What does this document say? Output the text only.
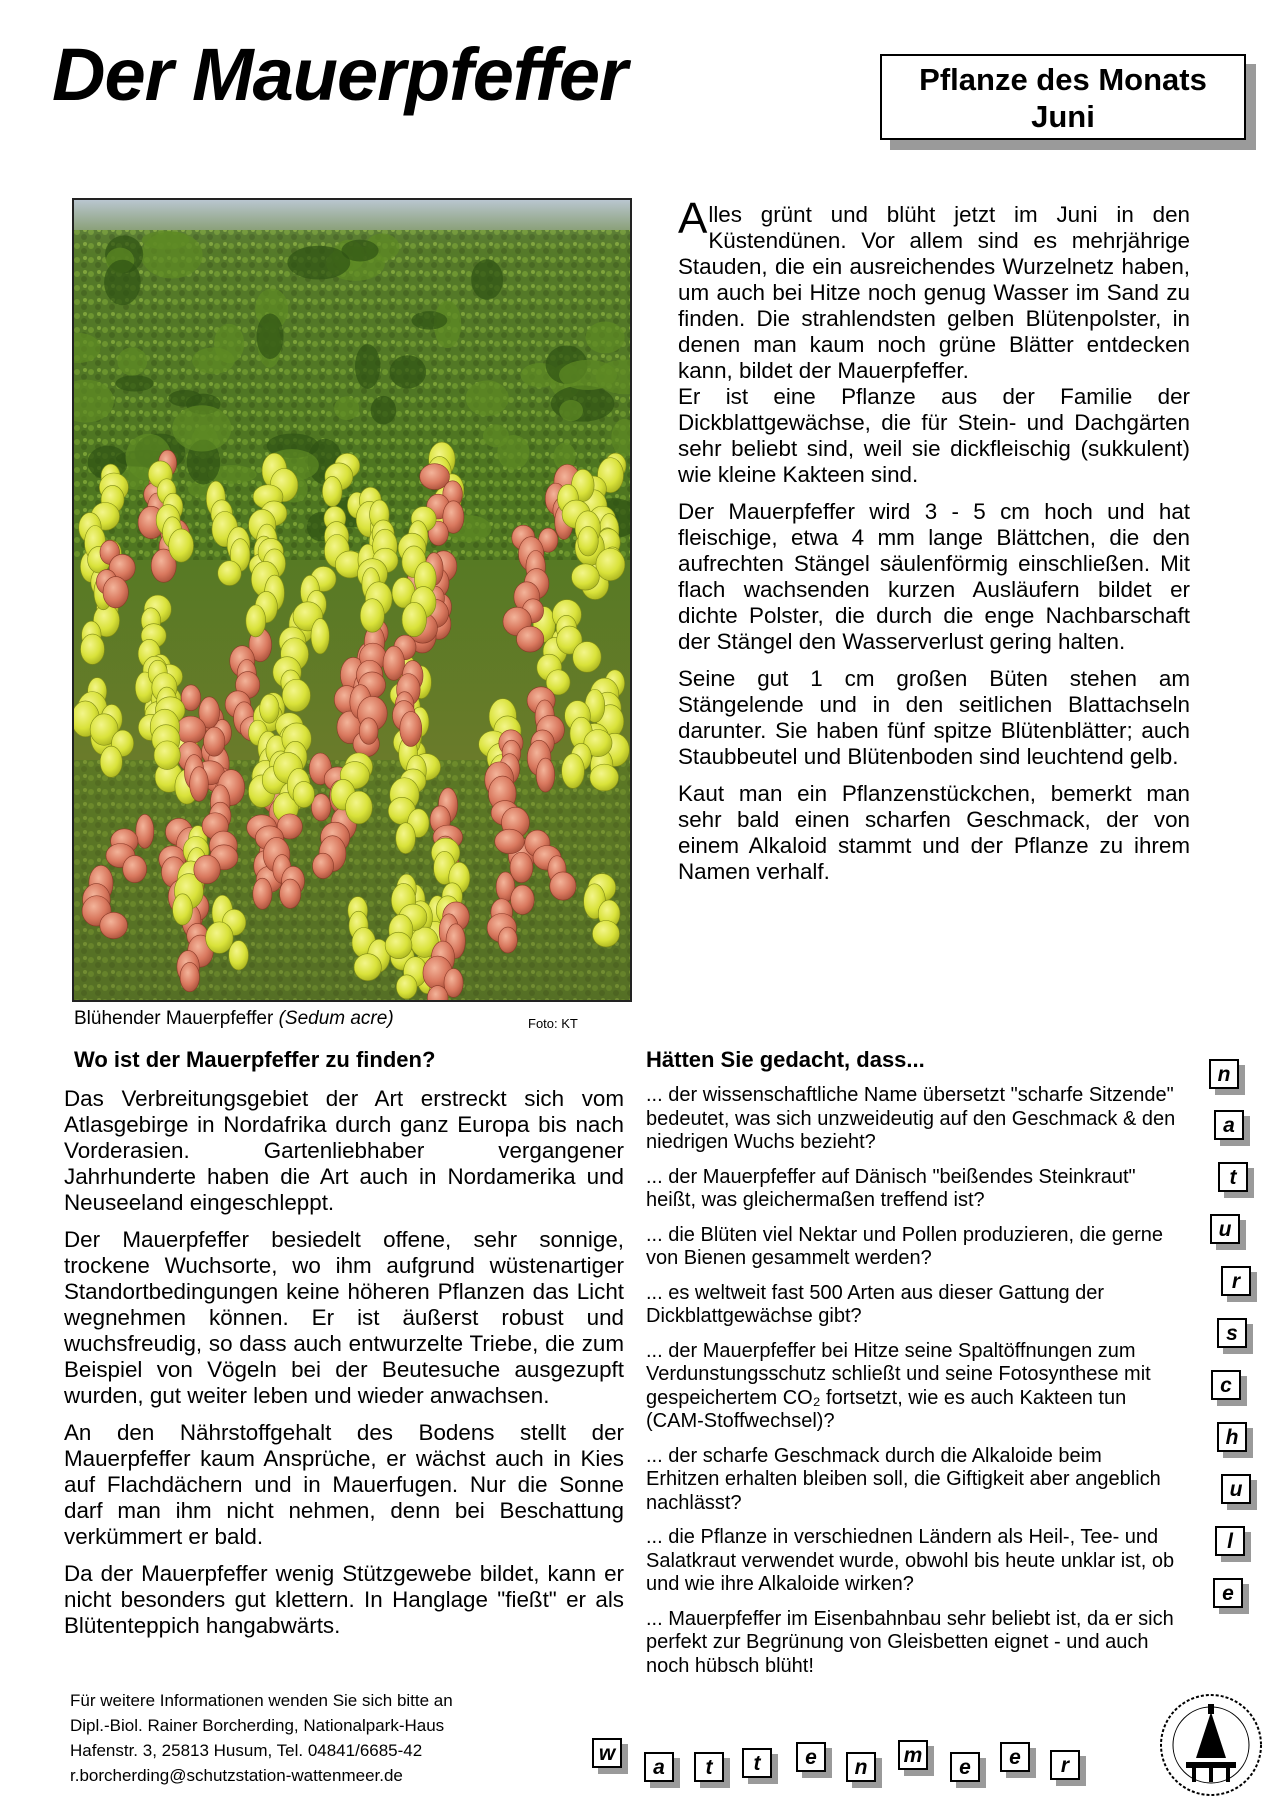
Der Mauerpfeffer	Pflanze des Monats
Juni
Blühender Mauerpfeffer (Sedum acre)	Foto: KT

Alles grünt und blüht jetzt im Juni in den Küstendünen. Vor allem sind es mehrjährige Stauden, die ein ausreichendes Wurzelnetz haben, um auch bei Hitze noch genug Wasser im Sand zu finden. Die strahlendsten gelben Blütenpolster, in denen man kaum noch grüne Blätter entdecken kann, bildet der Mauerpfeffer.

Er ist eine Pflanze aus der Familie der Dickblattgewächse, die für Stein- und Dachgärten sehr beliebt sind, weil sie dickfleischig (sukkulent) wie kleine Kakteen sind.

Der Mauerpfeffer wird 3 - 5 cm hoch und hat fleischige, etwa 4 mm lange Blättchen, die den aufrechten Stängel säulenförmig einschließen. Mit flach wachsenden kurzen Ausläufern bildet er dichte Polster, die durch die enge Nachbarschaft der Stängel den Wasserverlust gering halten.

Seine gut 1 cm großen Büten stehen am Stängelende und in den seitlichen Blattachseln darunter. Sie haben fünf spitze Blütenblätter; auch Staubbeutel und Blütenboden sind leuchtend gelb.

Kaut man ein Pflanzenstückchen, bemerkt man sehr bald einen scharfen Geschmack, der von einem Alkaloid stammt und der Pflanze zu ihrem Namen verhalf.

Wo ist der Mauerpfeffer zu finden?

Das Verbreitungsgebiet der Art erstreckt sich vom Atlasgebirge in Nordafrika durch ganz Europa bis nach Vorderasien. Gartenliebhaber vergangener Jahrhunderte haben die Art auch in Nordamerika und Neuseeland eingeschleppt.

Der Mauerpfeffer besiedelt offene, sehr sonnige, trockene Wuchsorte, wo ihm aufgrund wüstenartiger Standortbedingungen keine höheren Pflanzen das Licht wegnehmen können. Er ist äußerst robust und wuchsfreudig, so dass auch entwurzelte Triebe, die zum Beispiel von Vögeln bei der Beutesuche ausgezupft wurden, gut weiter leben und wieder anwachsen.

An den Nährstoffgehalt des Bodens stellt der Mauerpfeffer kaum Ansprüche, er wächst auch in Kies auf Flachdächern und in Mauerfugen. Nur die Sonne darf man ihm nicht nehmen, denn bei Beschattung verkümmert er bald.

Da der Mauerpfeffer wenig Stützgewebe bildet, kann er nicht besonders gut klettern. In Hanglage "fießt" er als Blütenteppich hangabwärts.

Hätten Sie gedacht, dass...
... der wissenschaftliche Name übersetzt "scharfe Sitzende" bedeutet, was sich unzweideutig auf den Geschmack & den niedrigen Wuchs bezieht?
... der Mauerpfeffer auf Dänisch "beißendes Steinkraut" heißt, was gleichermaßen treffend ist?
... die Blüten viel Nektar und Pollen produzieren, die gerne von Bienen gesammelt werden?
... es weltweit fast 500 Arten aus dieser Gattung der Dickblattgewächse gibt?
... der Mauerpfeffer bei Hitze seine Spaltöffnungen zum Verdunstungsschutz schließt und seine Fotosynthese mit gespeichertem CO₂ fortsetzt, wie es auch Kakteen tun (CAM-Stoffwechsel)?
... der scharfe Geschmack durch die Alkaloide beim Erhitzen erhalten bleiben soll, die Giftigkeit aber angeblich nachlässt?
... die Pflanze in verschiednen Ländern als Heil-, Tee- und Salatkraut verwendet wurde, obwohl bis heute unklar ist, ob und wie ihre Alkaloide wirken?
... Mauerpfeffer im Eisenbahnbau sehr beliebt ist, da er sich perfekt zur Begrünung von Gleisbetten eignet - und auch noch hübsch blüht!
Für weitere Informationen wenden Sie sich bitte an
Dipl.-Biol. Rainer Borcherding, Nationalpark-Haus
Hafenstr. 3, 25813 Husum, Tel. 04841/6685-42
r.borcherding@schutzstation-wattenmeer.de
n
a
t
u
r
s
c
h
u
l
e
w
a	t	t	e	n
m
e	e	r
